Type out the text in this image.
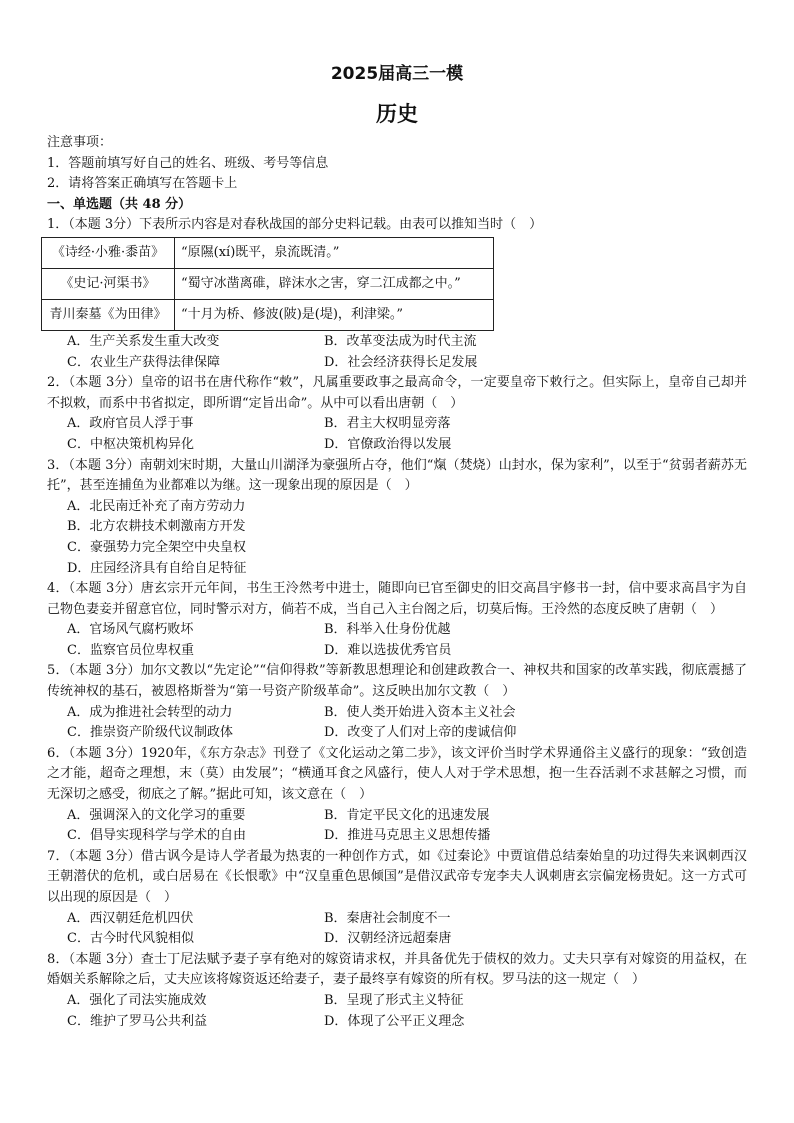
2025届高三一模
历史
注意事项：
1．答题前填写好自己的姓名、班级、考号等信息
2．请将答案正确填写在答题卡上
一、单选题（共 48 分）
1．（本题 3分）下表所示内容是对春秋战国的部分史料记载。由表可以推知当时（　）
《诗经·小雅·黍苗》	“原隰(xí)既平，泉流既清。”
《史记·河渠书》	“蜀守冰凿离碓，辟沫水之害，穿二江成都之中。”
青川秦墓《为田律》	“十月为桥、修波(陂)是(堤)，利津梁。”
A．生产关系发生重大改变	B．改革变法成为时代主流
C．农业生产获得法律保障	D．社会经济获得长足发展
2．（本题 3分）皇帝的诏书在唐代称作“敕”，凡属重要政事之最高命令，一定要皇帝下敕行之。但实际上，皇帝自己却并不拟敕，而系中书省拟定，即所谓“定旨出命”。从中可以看出唐朝（　）
A．政府官员人浮于事	B．君主大权明显旁落
C．中枢决策机构异化	D．官僚政治得以发展
3．（本题 3分）南朝刘宋时期，大量山川湖泽为豪强所占夺，他们“熂（焚烧）山封水，保为家利”，以至于“贫弱者薪苏无托”，甚至连捕鱼为业都难以为继。这一现象出现的原因是（　）
A．北民南迁补充了南方劳动力
B．北方农耕技术刺激南方开发
C．豪强势力完全架空中央皇权
D．庄园经济具有自给自足特征
4．（本题 3分）唐玄宗开元年间，书生王泠然考中进士，随即向已官至御史的旧交高昌宇修书一封，信中要求高昌宇为自己物色妻妾并留意官位，同时警示对方，倘若不成，当自己入主台阁之后，切莫后悔。王泠然的态度反映了唐朝（　）
A．官场风气腐朽败坏	B．科举入仕身份优越
C．监察官员位卑权重	D．难以选拔优秀官员
5．（本题 3分）加尔文教以“先定论”“信仰得救”等新教思想理论和创建政教合一、神权共和国家的改革实践，彻底震撼了传统神权的基石，被恩格斯誉为“第一号资产阶级革命”。这反映出加尔文教（　）
A．成为推进社会转型的动力	B．使人类开始进入资本主义社会
C．推崇资产阶级代议制政体	D．改变了人们对上帝的虔诚信仰
6．（本题 3分）1920年，《东方杂志》刊登了《文化运动之第二步》，该文评价当时学术界通俗主义盛行的现象：“致创造之才能，超奇之理想，末（莫）由发展”；“横通耳食之风盛行，使人人对于学术思想，抱一生吞活剥不求甚解之习惯，而无深切之感受，彻底之了解。”据此可知，该文意在（　）
A．强调深入的文化学习的重要	B．肯定平民文化的迅速发展
C．倡导实现科学与学术的自由	D．推进马克思主义思想传播
7．（本题 3分）借古讽今是诗人学者最为热衷的一种创作方式，如《过秦论》中贾谊借总结秦始皇的功过得失来讽刺西汉王朝潜伏的危机，或白居易在《长恨歌》中“汉皇重色思倾国”是借汉武帝专宠李夫人讽刺唐玄宗偏宠杨贵妃。这一方式可以出现的原因是（　）
A．西汉朝廷危机四伏	B．秦唐社会制度不一
C．古今时代风貌相似	D．汉朝经济远超秦唐
8．（本题 3分）查士丁尼法赋予妻子享有绝对的嫁资请求权，并具备优先于债权的效力。丈夫只享有对嫁资的用益权，在婚姻关系解除之后，丈夫应该将嫁资返还给妻子，妻子最终享有嫁资的所有权。罗马法的这一规定（　）
A．强化了司法实施成效	B．呈现了形式主义特征
C．维护了罗马公共利益	D．体现了公平正义理念
